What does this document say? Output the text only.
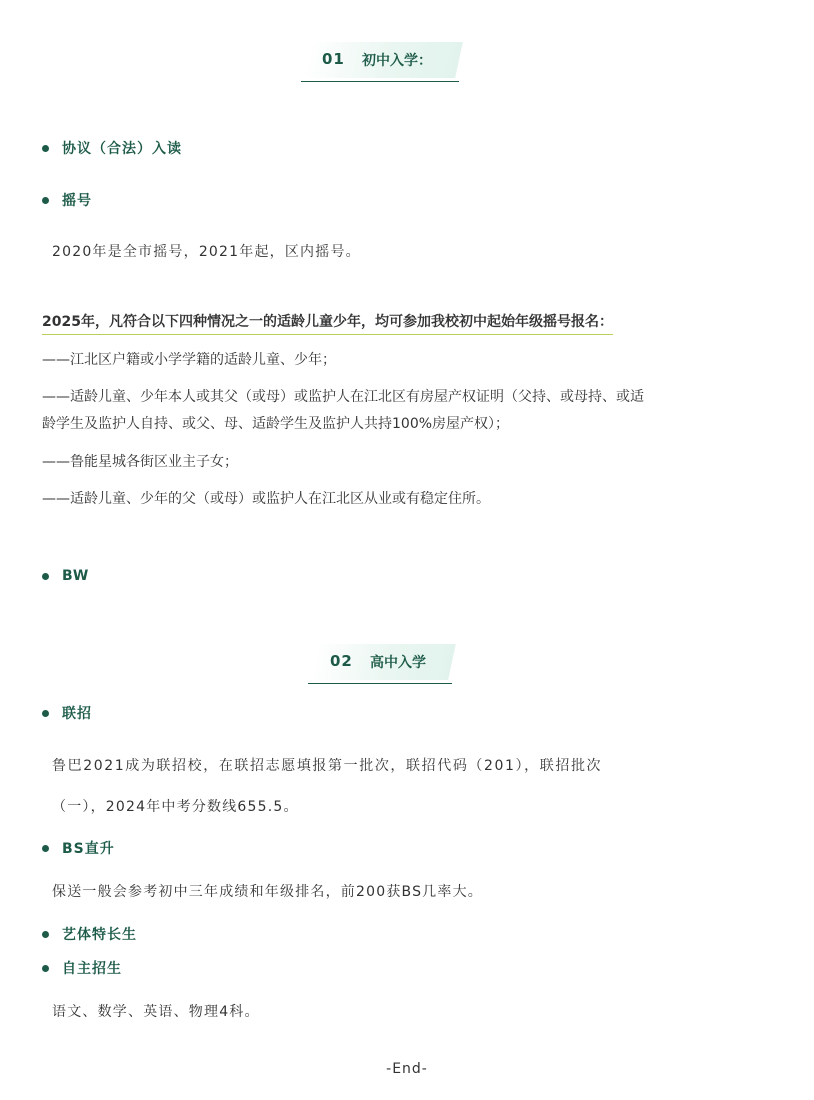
01 初中入学：
协议（合法）入读
摇号
2020年是全市摇号，2021年起，区内摇号。
2025年，凡符合以下四种情况之一的适龄儿童少年，均可参加我校初中起始年级摇号报名：
——江北区户籍或小学学籍的适龄儿童、少年；
——适龄儿童、少年本人或其父（或母）或监护人在江北区有房屋产权证明（父持、或母持、或适
龄学生及监护人自持、或父、母、适龄学生及监护人共持100%房屋产权）；
——鲁能星城各街区业主子女；
——适龄儿童、少年的父（或母）或监护人在江北区从业或有稳定住所。
BW
02 高中入学
联招
鲁巴2021成为联招校，在联招志愿填报第一批次，联招代码（201），联招批次
（一），2024年中考分数线655.5。
BS直升
保送一般会参考初中三年成绩和年级排名，前200获BS几率大。
艺体特长生
自主招生
语文、数学、英语、物理4科。
-End-
